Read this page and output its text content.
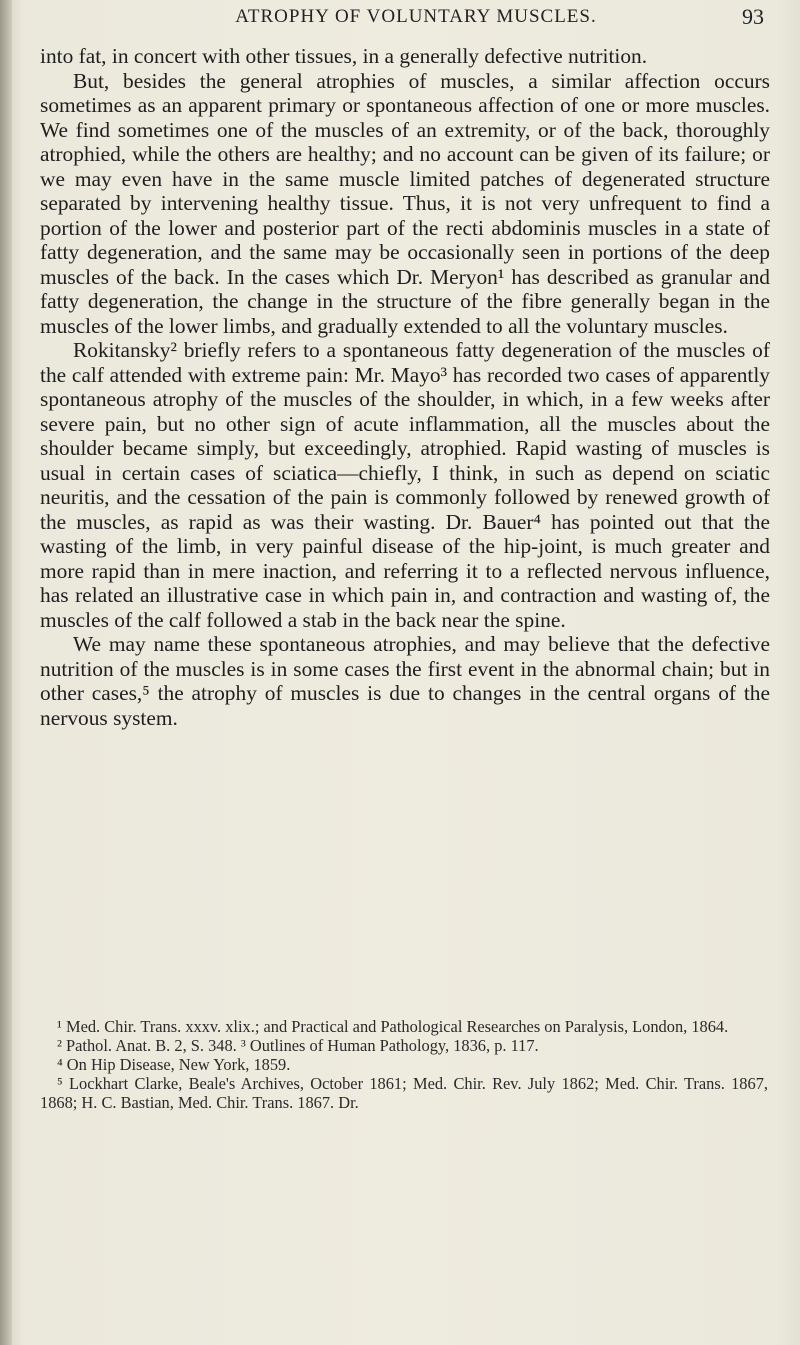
ATROPHY OF VOLUNTARY MUSCLES.	93

into fat, in concert with other tissues, in a generally defective nutrition.

But, besides the general atrophies of muscles, a similar affection occurs sometimes as an apparent primary or spontaneous affection of one or more muscles. We find sometimes one of the muscles of an extremity, or of the back, thoroughly atrophied, while the others are healthy; and no account can be given of its failure; or we may even have in the same muscle limited patches of degenerated structure separated by intervening healthy tissue. Thus, it is not very unfrequent to find a portion of the lower and posterior part of the recti abdominis muscles in a state of fatty degeneration, and the same may be occasionally seen in portions of the deep muscles of the back. In the cases which Dr. Meryon¹ has described as granular and fatty degeneration, the change in the structure of the fibre generally began in the muscles of the lower limbs, and gradually extended to all the voluntary muscles.

Rokitansky² briefly refers to a spontaneous fatty degeneration of the muscles of the calf attended with extreme pain: Mr. Mayo³ has recorded two cases of apparently spontaneous atrophy of the muscles of the shoulder, in which, in a few weeks after severe pain, but no other sign of acute inflammation, all the muscles about the shoulder became simply, but exceedingly, atrophied. Rapid wasting of muscles is usual in certain cases of sciatica—chiefly, I think, in such as depend on sciatic neuritis, and the cessation of the pain is commonly followed by renewed growth of the muscles, as rapid as was their wasting. Dr. Bauer⁴ has pointed out that the wasting of the limb, in very painful disease of the hip-joint, is much greater and more rapid than in mere inaction, and referring it to a reflected nervous influence, has related an illustrative case in which pain in, and contraction and wasting of, the muscles of the calf followed a stab in the back near the spine.

We may name these spontaneous atrophies, and may believe that the defective nutrition of the muscles is in some cases the first event in the abnormal chain; but in other cases,⁵ the atrophy of muscles is due to changes in the central organs of the nervous system.

¹ Med. Chir. Trans. xxxv. xlix.; and Practical and Pathological Researches on Paralysis, London, 1864.

² Pathol. Anat. B. 2, S. 348. ³ Outlines of Human Pathology, 1836, p. 117.

⁴ On Hip Disease, New York, 1859.

⁵ Lockhart Clarke, Beale's Archives, October 1861; Med. Chir. Rev. July 1862; Med. Chir. Trans. 1867, 1868; H. C. Bastian, Med. Chir. Trans. 1867. Dr.
